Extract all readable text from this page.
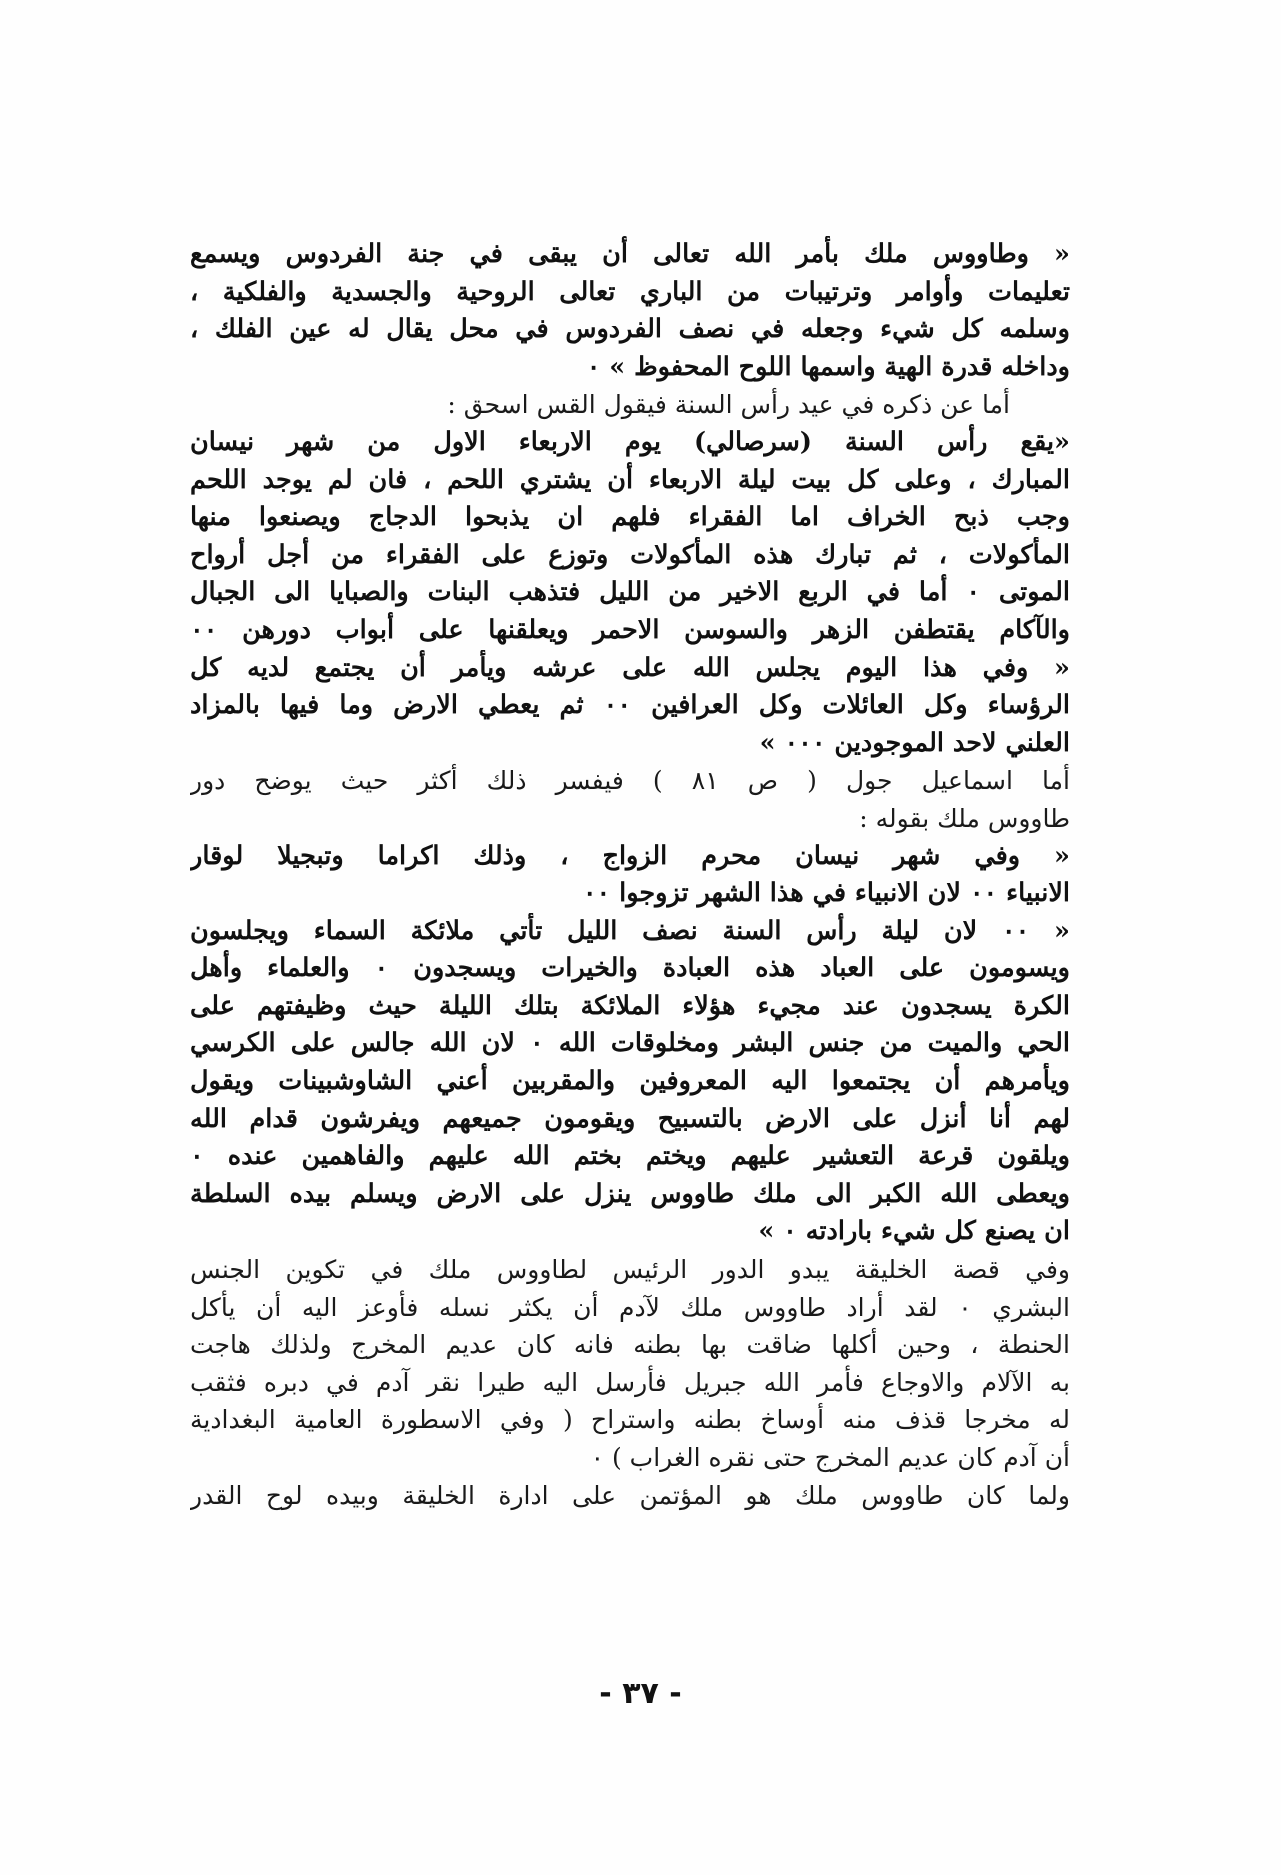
« وطاووس ملك بأمر الله تعالى أن يبقى في جنة الفردوس ويسمع
تعليمات وأوامر وترتيبات من الباري تعالى الروحية والجسدية والفلكية ،
وسلمه كل شيء وجعله في نصف الفردوس في محل يقال له عين الفلك ،
وداخله قدرة الهية واسمها اللوح المحفوظ » ٠
أما عن ذكره في عيد رأس السنة فيقول القس اسحق :
«يقع رأس السنة (سرصالي) يوم الاربعاء الاول من شهر نيسان
المبارك ، وعلى كل بيت ليلة الاربعاء أن يشتري اللحم ، فان لم يوجد اللحم
وجب ذبح الخراف اما الفقراء فلهم ان يذبحوا الدجاج ويصنعوا منها
المأكولات ، ثم تبارك هذه المأكولات وتوزع على الفقراء من أجل أرواح
الموتى ٠ أما في الربع الاخير من الليل فتذهب البنات والصبايا الى الجبال
والآكام يقتطفن الزهر والسوسن الاحمر ويعلقنها على أبواب دورهن ٠٠
« وفي هذا اليوم يجلس الله على عرشه ويأمر أن يجتمع لديه كل
الرؤساء وكل العائلات وكل العرافين ٠٠ ثم يعطي الارض وما فيها بالمزاد
العلني لاحد الموجودين ٠٠٠ »
أما اسماعيل جول ( ص ٨١ ) فيفسر ذلك أكثر حيث يوضح دور
طاووس ملك بقوله :
« وفي شهر نيسان محرم الزواج ، وذلك اكراما وتبجيلا لوقار
الانبياء ٠٠ لان الانبياء في هذا الشهر تزوجوا ٠٠
« ٠٠ لان ليلة رأس السنة نصف الليل تأتي ملائكة السماء ويجلسون
ويسومون على العباد هذه العبادة والخيرات ويسجدون ٠ والعلماء وأهل
الكرة يسجدون عند مجيء هؤلاء الملائكة بتلك الليلة حيث وظيفتهم على
الحي والميت من جنس البشر ومخلوقات الله ٠ لان الله جالس على الكرسي
ويأمرهم أن يجتمعوا اليه المعروفين والمقربين أعني الشاوشبينات ويقول
لهم أنا أنزل على الارض بالتسبيح ويقومون جميعهم ويفرشون قدام الله
ويلقون قرعة التعشير عليهم ويختم بختم الله عليهم والفاهمين عنده ٠
ويعطى الله الكبر الى ملك طاووس ينزل على الارض ويسلم بيده السلطة
ان يصنع كل شيء بارادته ٠ »
وفي قصة الخليقة يبدو الدور الرئيس لطاووس ملك في تكوين الجنس
البشري ٠ لقد أراد طاووس ملك لآدم أن يكثر نسله فأوعز اليه أن يأكل
الحنطة ، وحين أكلها ضاقت بها بطنه فانه كان عديم المخرج ولذلك هاجت
به الآلام والاوجاع فأمر الله جبريل فأرسل اليه طيرا نقر آدم في دبره فثقب
له مخرجا قذف منه أوساخ بطنه واستراح ( وفي الاسطورة العامية البغدادية
أن آدم كان عديم المخرج حتى نقره الغراب ) ٠
ولما كان طاووس ملك هو المؤتمن على ادارة الخليقة وبيده لوح القدر
- ٣٧ -
